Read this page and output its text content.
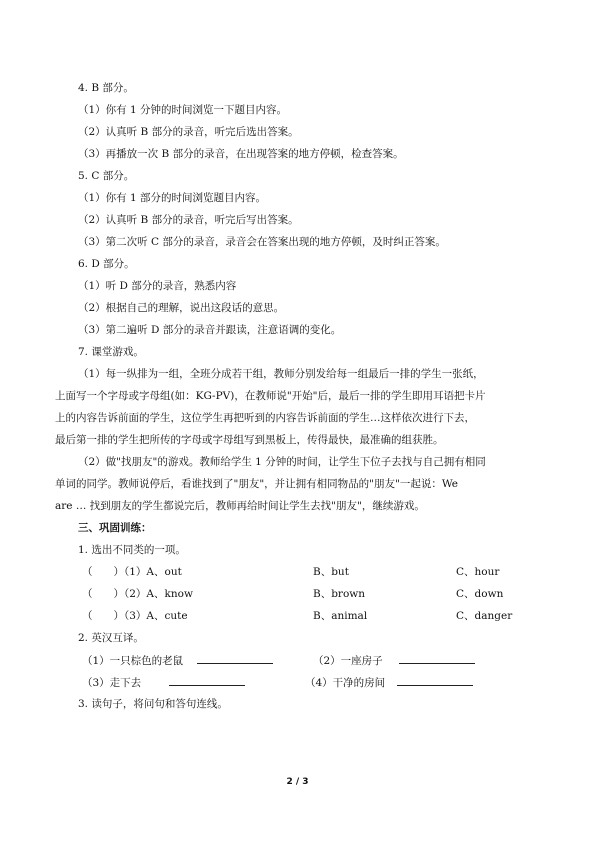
4. B 部分。
（1）你有 1 分钟的时间浏览一下题目内容。
（2）认真听 B 部分的录音，听完后选出答案。
（3）再播放一次 B 部分的录音，在出现答案的地方停顿，检查答案。
5. C 部分。
（1）你有 1 部分的时间浏览题目内容。
（2）认真听 B 部分的录音，听完后写出答案。
（3）第二次听 C 部分的录音，录音会在答案出现的地方停顿，及时纠正答案。
6. D 部分。
（1）听 D 部分的录音，熟悉内容
（2）根据自己的理解，说出这段话的意思。
（3）第二遍听 D 部分的录音并跟读，注意语调的变化。
7. 课堂游戏。
（1）每一纵排为一组，全班分成若干组，教师分别发给每一组最后一排的学生一张纸，
上面写一个字母或字母组(如：KG-PV)，在教师说"开始"后，最后一排的学生即用耳语把卡片
上的内容告诉前面的学生，这位学生再把听到的内容告诉前面的学生…这样依次进行下去，
最后第一排的学生把所传的字母或字母组写到黑板上，传得最快，最准确的组获胜。
（2）做"找朋友"的游戏。教师给学生 1 分钟的时间，让学生下位子去找与自己拥有相同
单词的同学。教师说停后，看谁找到了"朋友"，并让拥有相同物品的"朋友"一起说：We
are … 找到朋友的学生都说完后，教师再给时间让学生去找"朋友"，继续游戏。
三、巩固训练：
1. 选出不同类的一项。
（　　）（1）A、out	B、but	C、hour
（　　）（2）A、know	B、brown	C、down
（　　）（3）A、cute	B、animal	C、danger
2. 英汉互译。
（1）一只棕色的老鼠	（2）一座房子
（3）走下去	（4）干净的房间
3. 读句子，将问句和答句连线。
2 / 3
